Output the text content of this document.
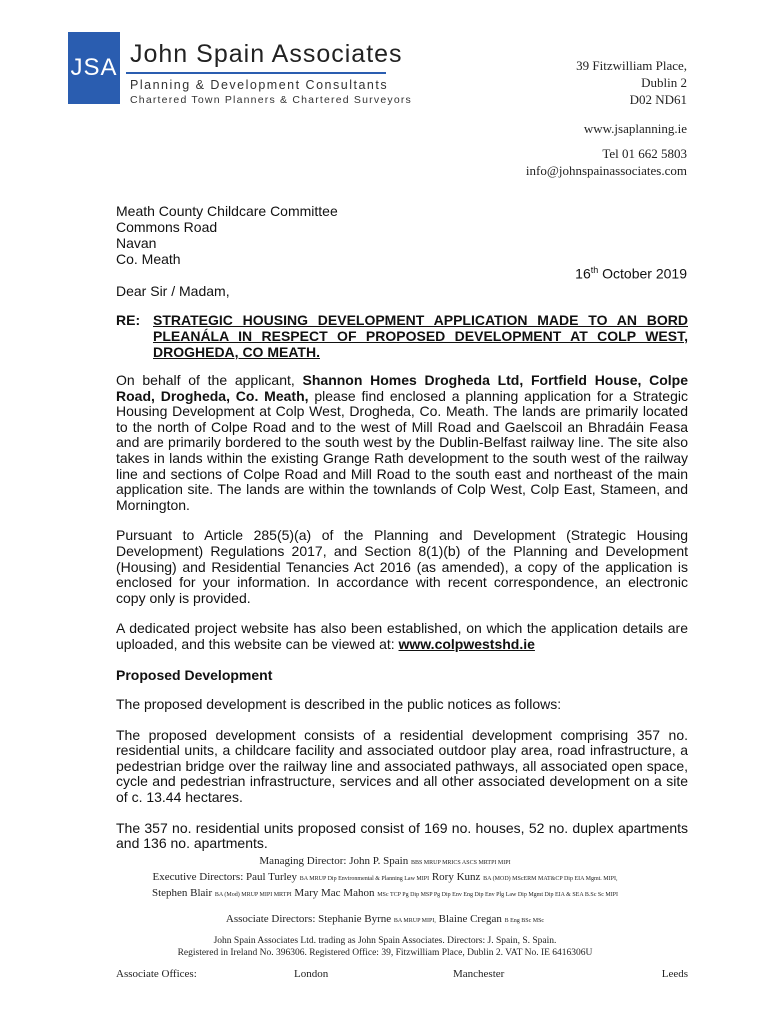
JSA John Spain Associates
Planning & Development Consultants
Chartered Town Planners & Chartered Surveyors
39 Fitzwilliam Place,
Dublin 2
D02 ND61
www.jsaplanning.ie
Tel 01 662 5803
info@johnspainassociates.com
Meath County Childcare Committee
Commons Road
Navan
Co. Meath
16th October 2019
Dear Sir / Madam,
RE: STRATEGIC HOUSING DEVELOPMENT APPLICATION MADE TO AN BORD PLEANÁLA IN RESPECT OF PROPOSED DEVELOPMENT AT COLP WEST, DROGHEDA, CO MEATH.

On behalf of the applicant, Shannon Homes Drogheda Ltd, Fortfield House, Colpe Road, Drogheda, Co. Meath, please find enclosed a planning application for a Strategic Housing Development at Colp West, Drogheda, Co. Meath. The lands are primarily located to the north of Colpe Road and to the west of Mill Road and Gaelscoil an Bhradáin Feasa and are primarily bordered to the south west by the Dublin-Belfast railway line. The site also takes in lands within the existing Grange Rath development to the south west of the railway line and sections of Colpe Road and Mill Road to the south east and northeast of the main application site. The lands are within the townlands of Colp West, Colp East, Stameen, and Mornington.

Pursuant to Article 285(5)(a) of the Planning and Development (Strategic Housing Development) Regulations 2017, and Section 8(1)(b) of the Planning and Development (Housing) and Residential Tenancies Act 2016 (as amended), a copy of the application is enclosed for your information. In accordance with recent correspondence, an electronic copy only is provided.

A dedicated project website has also been established, on which the application details are uploaded, and this website can be viewed at: www.colpwestshd.ie

Proposed Development

The proposed development is described in the public notices as follows:

The proposed development consists of a residential development comprising 357 no. residential units, a childcare facility and associated outdoor play area, road infrastructure, a pedestrian bridge over the railway line and associated pathways, all associated open space, cycle and pedestrian infrastructure, services and all other associated development on a site of c. 13.44 hectares.

The 357 no. residential units proposed consist of 169 no. houses, 52 no. duplex apartments and 136 no. apartments.

Managing Director: John P. Spain BBS MRUP MRICS ASCS MRTPI MIPI
Executive Directors: Paul Turley BA MRUP Dip Environmental & Planning Law MIPI Rory Kunz BA (MOD) MScERM MAT&CP Dip EIA Mgmt. MIPI,
Stephen Blair BA (Mod) MRUP MIPI MRTPI Mary Mac Mahon MSc TCP Pg Dip MSP Pg Dip Env Eng Dip Env Plg Law Dip Mgmt Dip EIA & SEA B.Sc Sc MIPI
Associate Directors: Stephanie Byrne BA MRUP MIPI, Blaine Cregan B Eng BSc MSc
John Spain Associates Ltd. trading as John Spain Associates. Directors: J. Spain, S. Spain.
Registered in Ireland No. 396306. Registered Office: 39, Fitzwilliam Place, Dublin 2. VAT No. IE 6416306U
Associate Offices:	London	Manchester	Leeds
